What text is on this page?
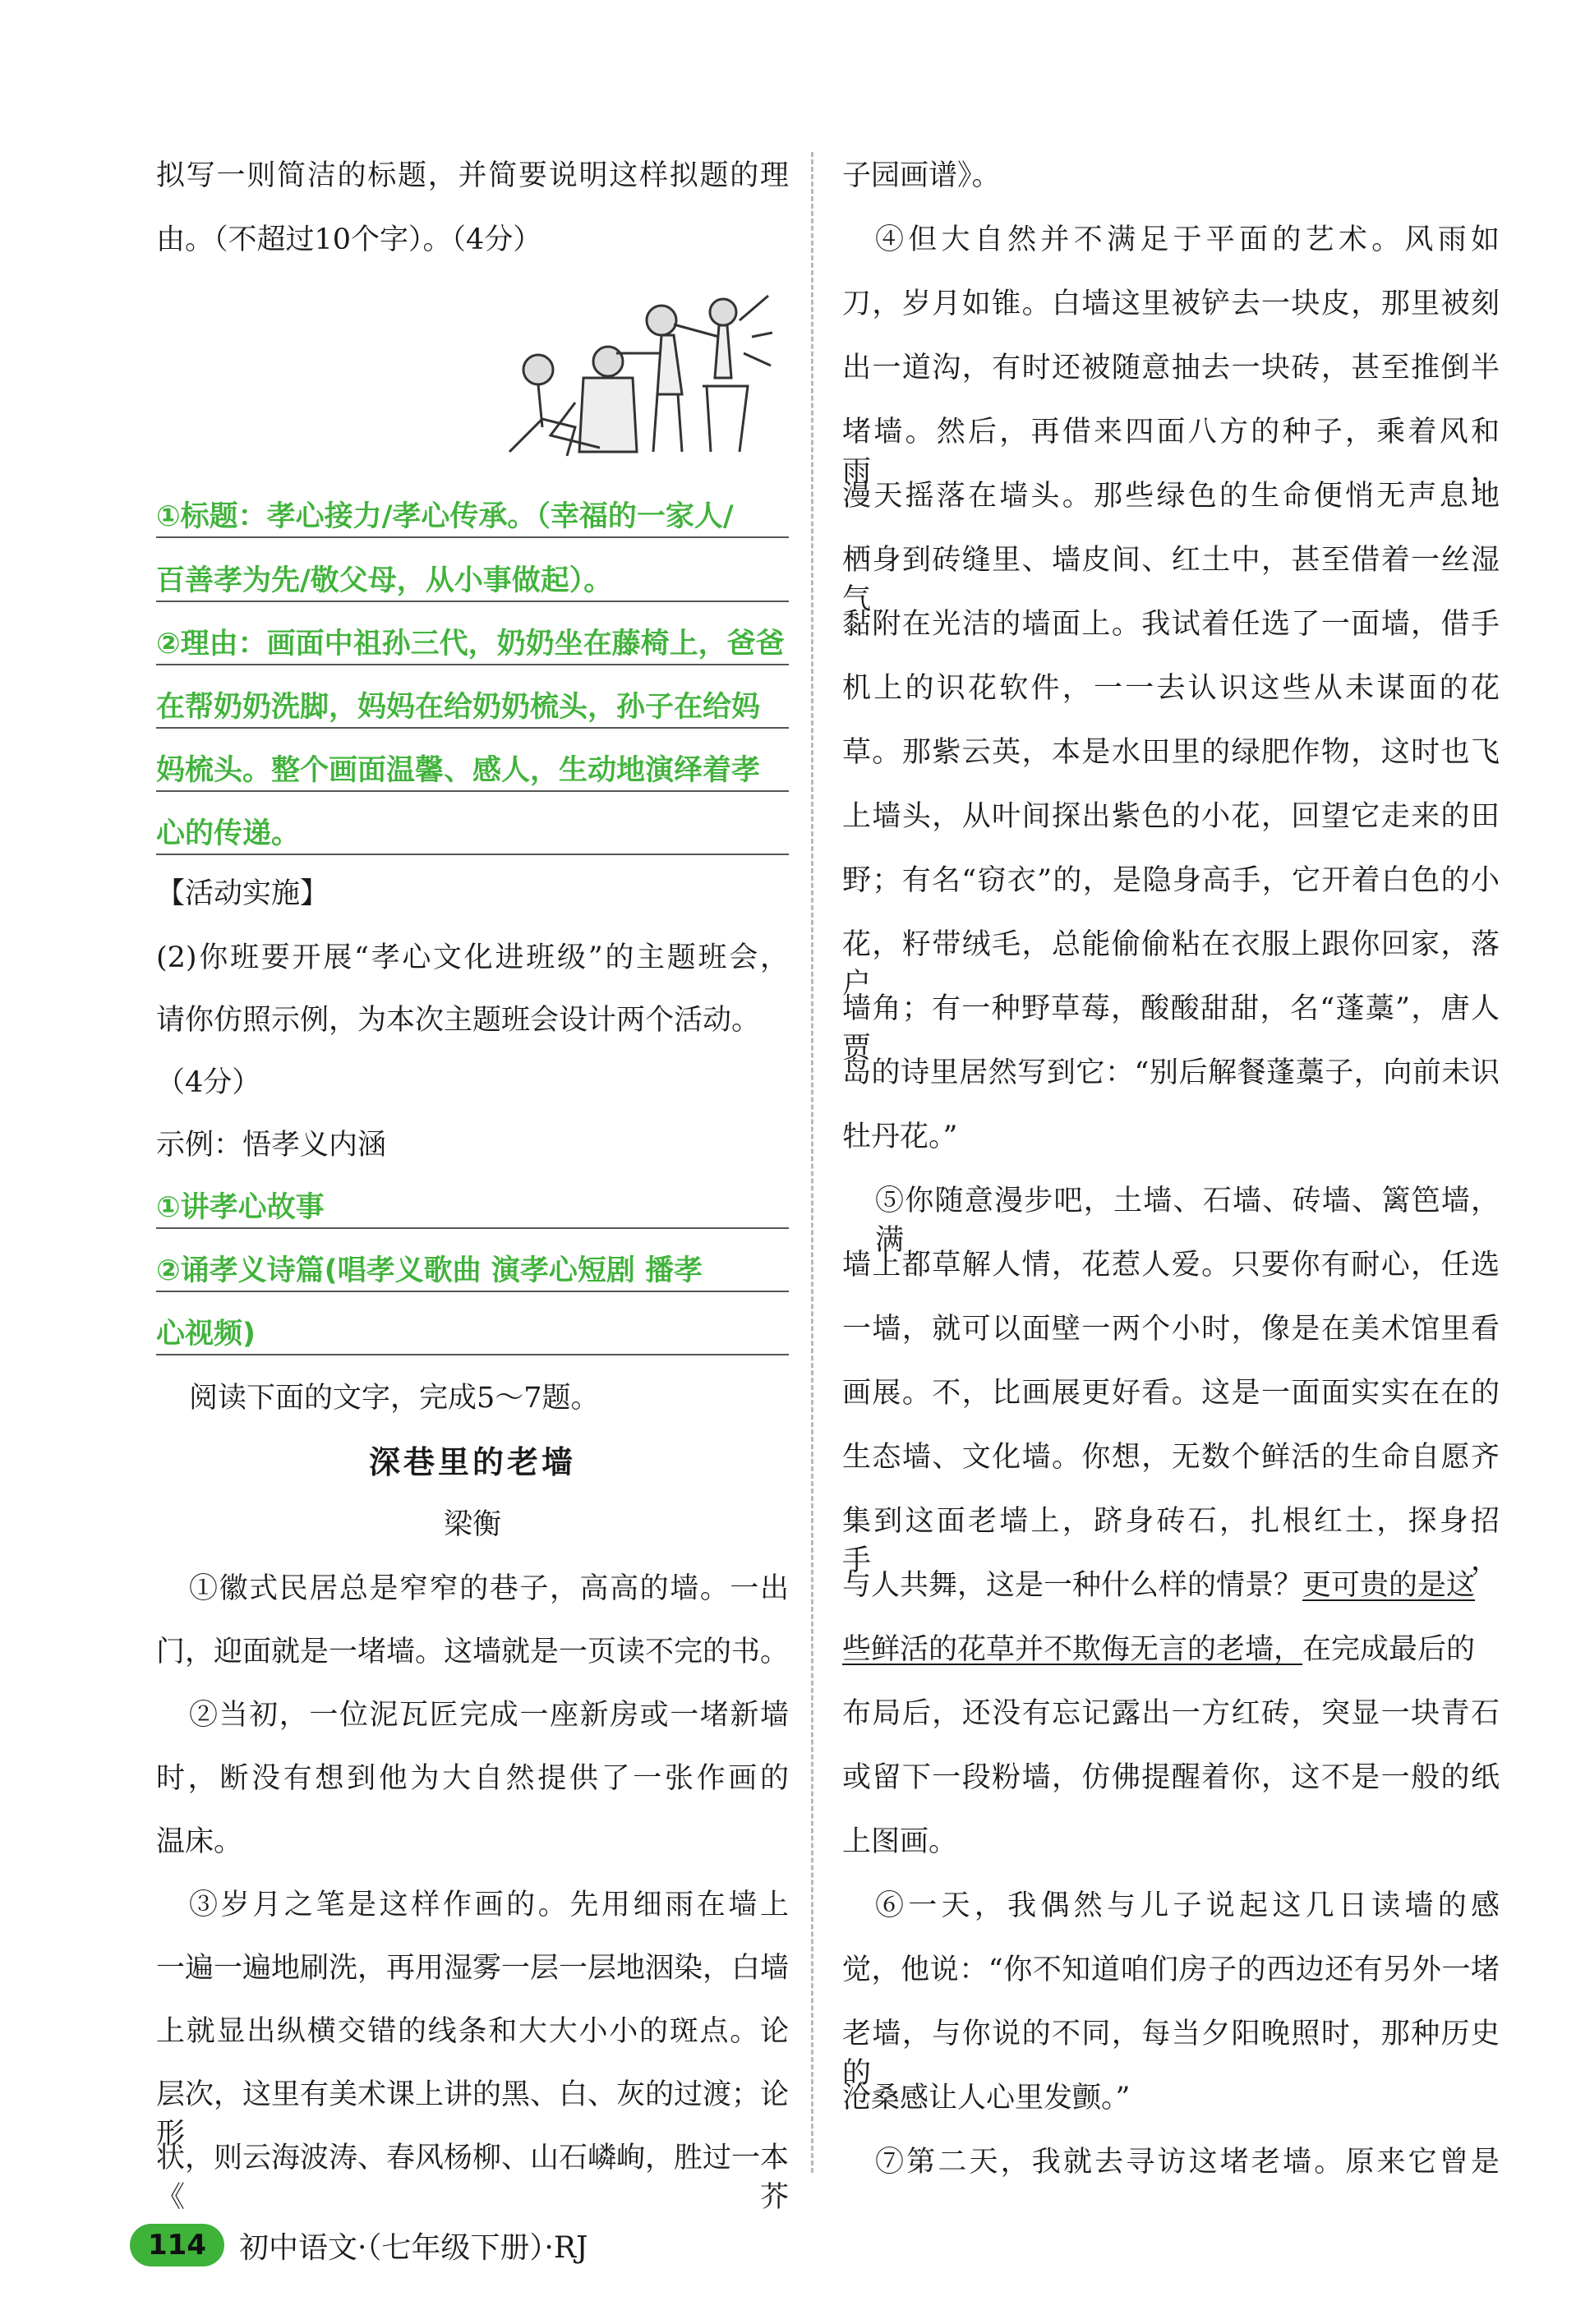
拟写一则简洁的标题，并简要说明这样拟题的理
由。（不超过10个字）。（4分）
①标题：孝心接力/孝心传承。（幸福的一家人/
百善孝为先/敬父母，从小事做起）。
②理由：画面中祖孙三代，奶奶坐在藤椅上，爸爸
在帮奶奶洗脚，妈妈在给奶奶梳头，孙子在给妈
妈梳头。整个画面温馨、感人，生动地演绎着孝
心的传递。
【活动实施】
(2)你班要开展“孝心文化进班级”的主题班会，
请你仿照示例，为本次主题班会设计两个活动。
（4分）
示例：悟孝义内涵
①讲孝心故事
②诵孝义诗篇(唱孝义歌曲 演孝心短剧 播孝
心视频)
阅读下面的文字，完成5～7题。
深巷里的老墙
梁衡
①徽式民居总是窄窄的巷子，高高的墙。一出
门，迎面就是一堵墙。这墙就是一页读不完的书。
②当初，一位泥瓦匠完成一座新房或一堵新墙
时，断没有想到他为大自然提供了一张作画的
温床。
③岁月之笔是这样作画的。先用细雨在墙上
一遍一遍地刷洗，再用湿雾一层一层地洇染，白墙
上就显出纵横交错的线条和大大小小的斑点。论
层次，这里有美术课上讲的黑、白、灰的过渡；论形
状，则云海波涛、春风杨柳、山石嶙峋，胜过一本《芥
子园画谱》。
④但大自然并不满足于平面的艺术。风雨如
刀，岁月如锥。白墙这里被铲去一块皮，那里被刻
出一道沟，有时还被随意抽去一块砖，甚至推倒半
堵墙。然后，再借来四面八方的种子，乘着风和雨，
漫天摇落在墙头。那些绿色的生命便悄无声息地
栖身到砖缝里、墙皮间、红土中，甚至借着一丝湿气
黏附在光洁的墙面上。我试着任选了一面墙，借手
机上的识花软件，一一去认识这些从未谋面的花
草。那紫云英，本是水田里的绿肥作物，这时也飞
上墙头，从叶间探出紫色的小花，回望它走来的田
野；有名“窃衣”的，是隐身高手，它开着白色的小
花，籽带绒毛，总能偷偷粘在衣服上跟你回家，落户
墙角；有一种野草莓，酸酸甜甜，名“蓬藁”，唐人贾
岛的诗里居然写到它：“别后解餐蓬藁子，向前未识
牡丹花。”
⑤你随意漫步吧，土墙、石墙、砖墙、篱笆墙，满
墙上都草解人情，花惹人爱。只要你有耐心，任选
一墙，就可以面壁一两个小时，像是在美术馆里看
画展。不，比画展更好看。这是一面面实实在在的
生态墙、文化墙。你想，无数个鲜活的生命自愿齐
集到这面老墙上，跻身砖石，扎根红土，探身招手，
与人共舞，这是一种什么样的情景？更可贵的是这
些鲜活的花草并不欺侮无言的老墙，在完成最后的
布局后，还没有忘记露出一方红砖，突显一块青石
或留下一段粉墙，仿佛提醒着你，这不是一般的纸
上图画。
⑥一天，我偶然与儿子说起这几日读墙的感
觉，他说：“你不知道咱们房子的西边还有另外一堵
老墙，与你说的不同，每当夕阳晚照时，那种历史的
沧桑感让人心里发颤。”
⑦第二天，我就去寻访这堵老墙。原来它曾是
114	初中语文·（七年级下册）·RJ
